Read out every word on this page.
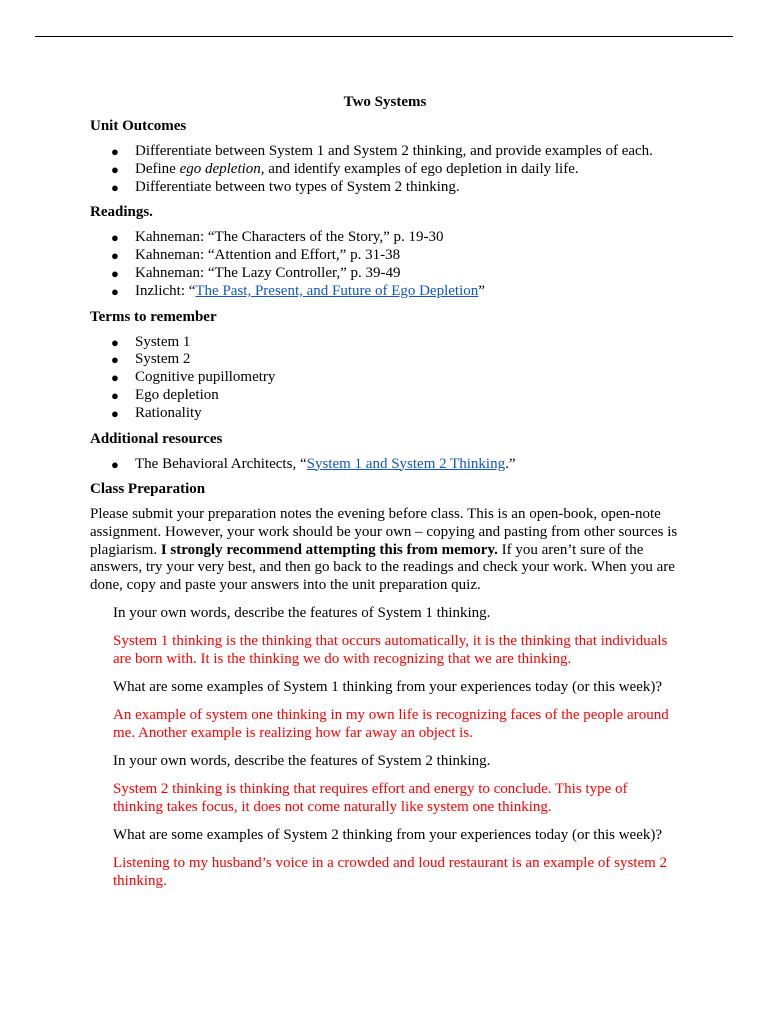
Two Systems
Unit Outcomes
● Differentiate between System 1 and System 2 thinking, and provide examples of each.
● Define ego depletion, and identify examples of ego depletion in daily life.
● Differentiate between two types of System 2 thinking.
Readings.
● Kahneman: “The Characters of the Story,” p. 19-30
● Kahneman: “Attention and Effort,” p. 31-38
● Kahneman: “The Lazy Controller,” p. 39-49
● Inzlicht: “The Past, Present, and Future of Ego Depletion”
Terms to remember
● System 1
● System 2
● Cognitive pupillometry
● Ego depletion
● Rationality
Additional resources
● The Behavioral Architects, “System 1 and System 2 Thinking.”
Class Preparation
Please submit your preparation notes the evening before class. This is an open-book, open-note assignment. However, your work should be your own – copying and pasting from other sources is plagiarism. I strongly recommend attempting this from memory. If you aren’t sure of the answers, try your very best, and then go back to the readings and check your work. When you are done, copy and paste your answers into the unit preparation quiz.
In your own words, describe the features of System 1 thinking.
System 1 thinking is the thinking that occurs automatically, it is the thinking that individuals are born with. It is the thinking we do with recognizing that we are thinking.
What are some examples of System 1 thinking from your experiences today (or this week)?
An example of system one thinking in my own life is recognizing faces of the people around me. Another example is realizing how far away an object is.
In your own words, describe the features of System 2 thinking.
System 2 thinking is thinking that requires effort and energy to conclude. This type of thinking takes focus, it does not come naturally like system one thinking.
What are some examples of System 2 thinking from your experiences today (or this week)?
Listening to my husband’s voice in a crowded and loud restaurant is an example of system 2 thinking.
